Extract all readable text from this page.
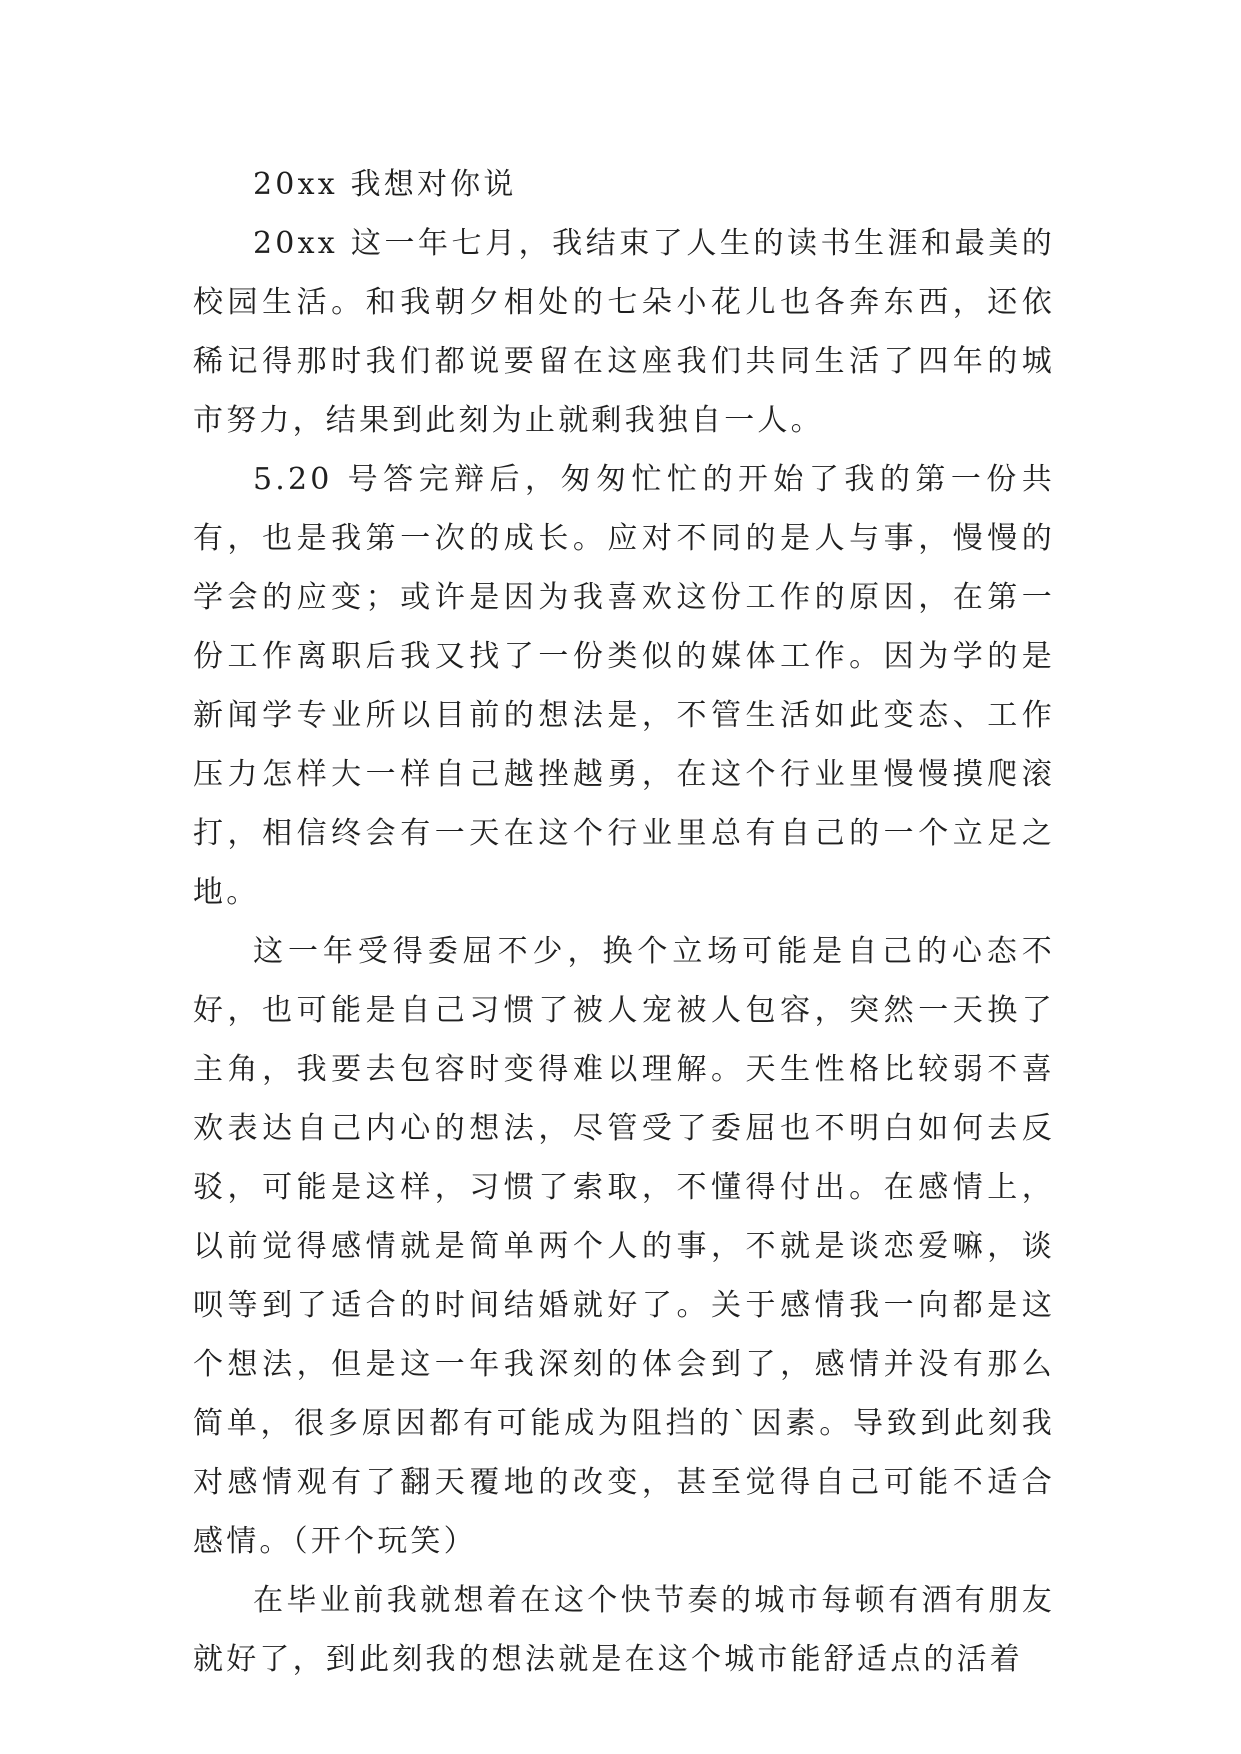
20xx 我想对你说

20xx 这一年七月，我结束了人生的读书生涯和最美的校园生活。和我朝夕相处的七朵小花儿也各奔东西，还依稀记得那时我们都说要留在这座我们共同生活了四年的城市努力，结果到此刻为止就剩我独自一人。

5.20 号答完辩后，匆匆忙忙的开始了我的第一份共有，也是我第一次的成长。应对不同的是人与事，慢慢的学会的应变；或许是因为我喜欢这份工作的原因，在第一份工作离职后我又找了一份类似的媒体工作。因为学的是新闻学专业所以目前的想法是，不管生活如此变态、工作压力怎样大一样自己越挫越勇，在这个行业里慢慢摸爬滚打，相信终会有一天在这个行业里总有自己的一个立足之地。

这一年受得委屈不少，换个立场可能是自己的心态不好，也可能是自己习惯了被人宠被人包容，突然一天换了主角，我要去包容时变得难以理解。天生性格比较弱不喜欢表达自己内心的想法，尽管受了委屈也不明白如何去反驳，可能是这样，习惯了索取，不懂得付出。在感情上，以前觉得感情就是简单两个人的事，不就是谈恋爱嘛，谈呗等到了适合的时间结婚就好了。关于感情我一向都是这个想法，但是这一年我深刻的体会到了，感情并没有那么简单，很多原因都有可能成为阻挡的`因素。导致到此刻我对感情观有了翻天覆地的改变，甚至觉得自己可能不适合感情。（开个玩笑）

在毕业前我就想着在这个快节奏的城市每顿有酒有朋友就好了，到此刻我的想法就是在这个城市能舒适点的活着
